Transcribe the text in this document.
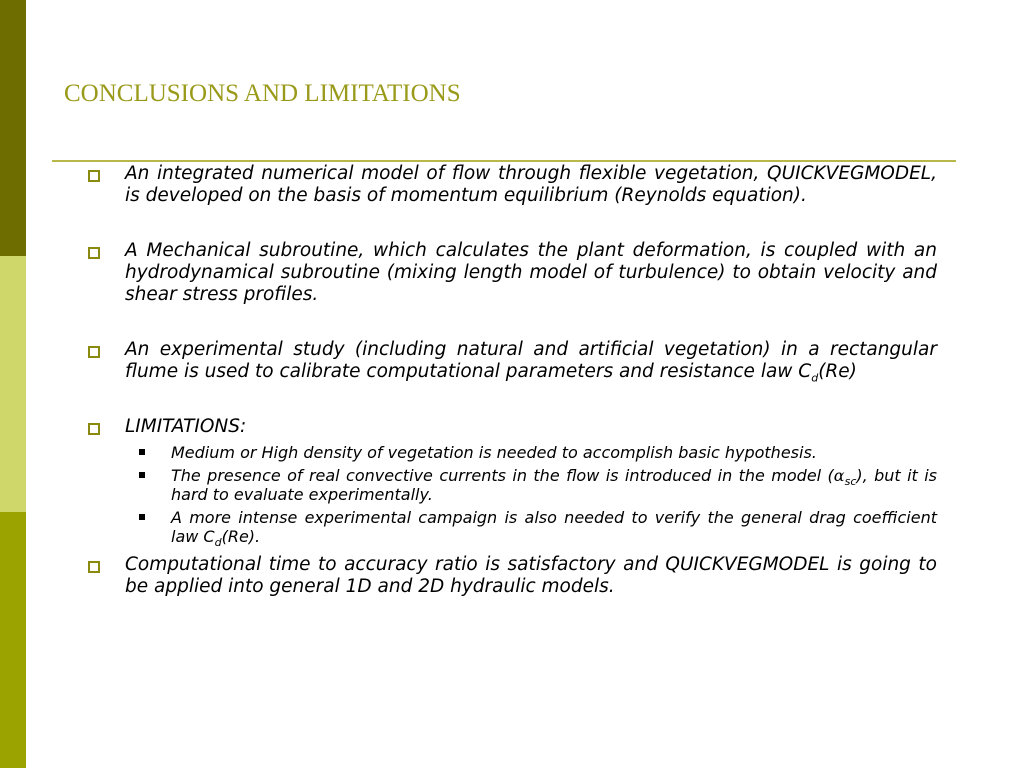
CONCLUSIONS AND LIMITATIONS
An integrated numerical model of flow through flexible vegetation, QUICKVEGMODEL, is developed on the basis of momentum equilibrium (Reynolds equation).
A Mechanical subroutine, which calculates the plant deformation, is coupled with an hydrodynamical subroutine (mixing length model of turbulence) to obtain velocity and shear stress profiles.
An experimental study (including natural and artificial vegetation) in a rectangular flume is used to calibrate computational parameters and resistance law $C_d(Re)$
LIMITATIONS:
Medium or High density of vegetation is needed to accomplish basic hypothesis.
The presence of real convective currents in the flow is introduced in the model $(\alpha_{sc})$, but it is hard to evaluate experimentally.
A more intense experimental campaign is also needed to verify the general drag coefficient law $C_d(Re)$.
Computational time to accuracy ratio is satisfactory and QUICKVEGMODEL is going to be applied into general 1D and 2D hydraulic models.
